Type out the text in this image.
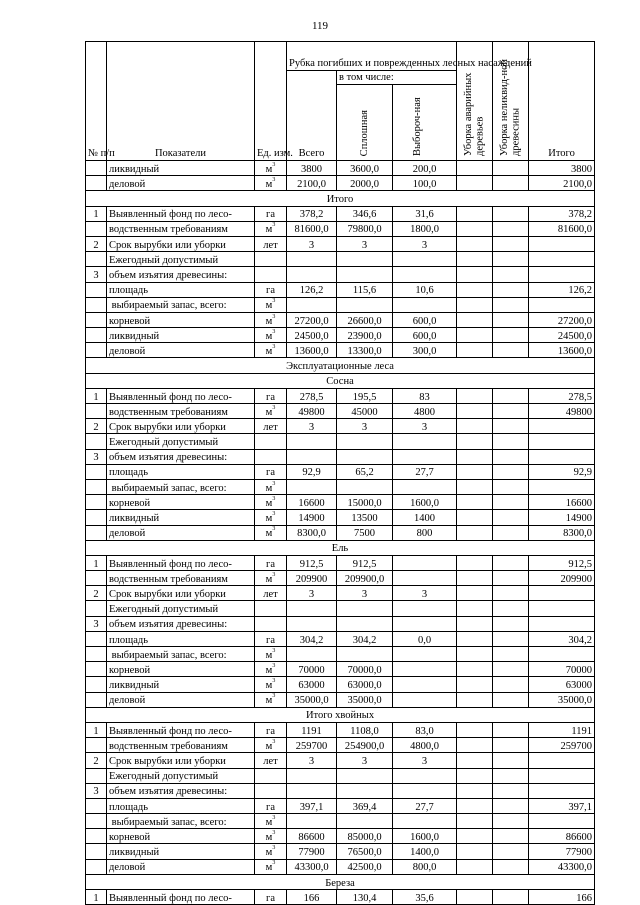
119
№ п/п	Показатели	Ед. изм.	Рубка погибших и поврежденных лесных насаждений			Уборка аварийных деревьев	Уборка неликвид-ной древесины	Итого
			Всего	в том числе:				
				Сплошная	Выбороч-ная			
	ликвидный	$м^3$	3800	3600,0	200,0			3800
	деловой	$м^3$	2100,0	2000,0	100,0			2100,0
Итого								
1	Выявленный фонд по лесо-	га	378,2	346,6	31,6			378,2
	водственным требованиям	$м^3$	81600,0	79800,0	1800,0			81600,0
2	Срок вырубки или уборки	лет	3	3	3			
	Ежегодный допустимый							
3	объем изъятия древесины:							
	площадь	га	126,2	115,6	10,6			126,2
	выбираемый запас, всего:	$м^3$						
	корневой	$м^3$	27200,0	26600,0	600,0			27200,0
	ликвидный	$м^3$	24500,0	23900,0	600,0			24500,0
	деловой	$м^3$	13600,0	13300,0	300,0			13600,0
Эксплуатационные леса								
Сосна								
1	Выявленный фонд по лесо-	га	278,5	195,5	83			278,5
	водственным требованиям	$м^3$	49800	45000	4800			49800
2	Срок вырубки или уборки	лет	3	3	3			
	Ежегодный допустимый							
3	объем изъятия древесины:							
	площадь	га	92,9	65,2	27,7			92,9
	выбираемый запас, всего:	$м^3$						
	корневой	$м^3$	16600	15000,0	1600,0			16600
	ликвидный	$м^3$	14900	13500	1400			14900
	деловой	$м^3$	8300,0	7500	800			8300,0
Ель								
1	Выявленный фонд по лесо-	га	912,5	912,5				912,5
	водственным требованиям	$м^3$	209900	209900,0				209900
2	Срок вырубки или уборки	лет	3	3	3			
	Ежегодный допустимый							
3	объем изъятия древесины:							
	площадь	га	304,2	304,2	0,0			304,2
	выбираемый запас, всего:	$м^3$						
	корневой	$м^3$	70000	70000,0				70000
	ликвидный	$м^3$	63000	63000,0				63000
	деловой	$м^3$	35000,0	35000,0				35000,0
Итого хвойных								
1	Выявленный фонд по лесо-	га	1191	1108,0	83,0			1191
	водственным требованиям	$м^3$	259700	254900,0	4800,0			259700
2	Срок вырубки или уборки	лет	3	3	3			
	Ежегодный допустимый							
3	объем изъятия древесины:							
	площадь	га	397,1	369,4	27,7			397,1
	выбираемый запас, всего:	$м^3$						
	корневой	$м^3$	86600	85000,0	1600,0			86600
	ликвидный	$м^3$	77900	76500,0	1400,0			77900
	деловой	$м^3$	43300,0	42500,0	800,0			43300,0
Береза								
1	Выявленный фонд по лесо-	га	166	130,4	35,6			166
